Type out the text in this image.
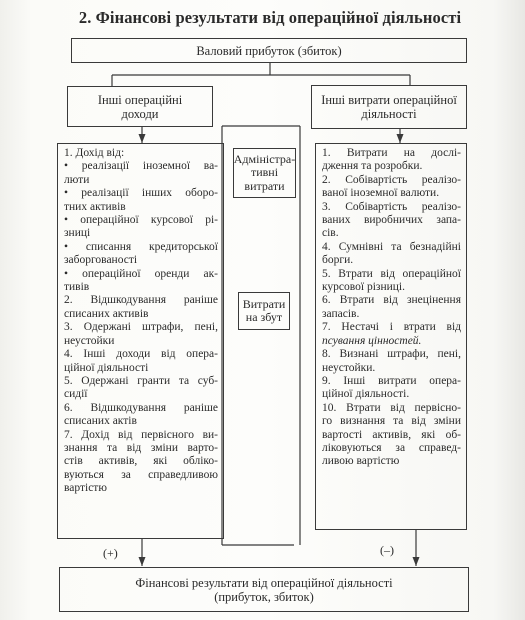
2. Фінансові результати від операційної діяльності
Валовий прибуток (збиток)
Інші операційні
доходи
Інші витрати операційної
діяльності
1. Дохід від:
• реалізації іноземної ва-
люти
• реалізації інших оборо-
тних активів
• операційної курсової рі-
зниці
• списання кредиторської
заборгованості
• операційної оренди ак-
тивів
2. Відшкодування раніше
списаних активів
3. Одержані штрафи, пені,
неустойки
4. Інші доходи від опера-
ційної діяльності
5. Одержані гранти та суб-
сидії
6. Відшкодування раніше
списаних актів
7. Дохід від первісного ви-
знання та від зміни варто-
стів активів, які обліко-
вуються за справедливою
вартістю
Адміністра-
тивні
витрати
Витрати
на збут
1. Витрати на дослі-
дження та розробки.
2. Собівартість реалізо-
ваної іноземної валюти.
3. Собівартість реалізо-
ваних виробничих запа-
сів.
4. Сумнівні та безнадійні
борги.
5. Втрати від операційної
курсової різниці.
6. Втрати від знецінення
запасів.
7. Нестачі і втрати від
псування цінностей.
8. Визнані штрафи, пені,
неустойки.
9. Інші витрати опера-
ційної діяльності.
10. Втрати від первісно-
го визнання та від зміни
вартості активів, які об-
ліковуються за справед-
ливою вартістю
(+)	(–)
Фінансові результати від операційної діяльності
(прибуток, збиток)
